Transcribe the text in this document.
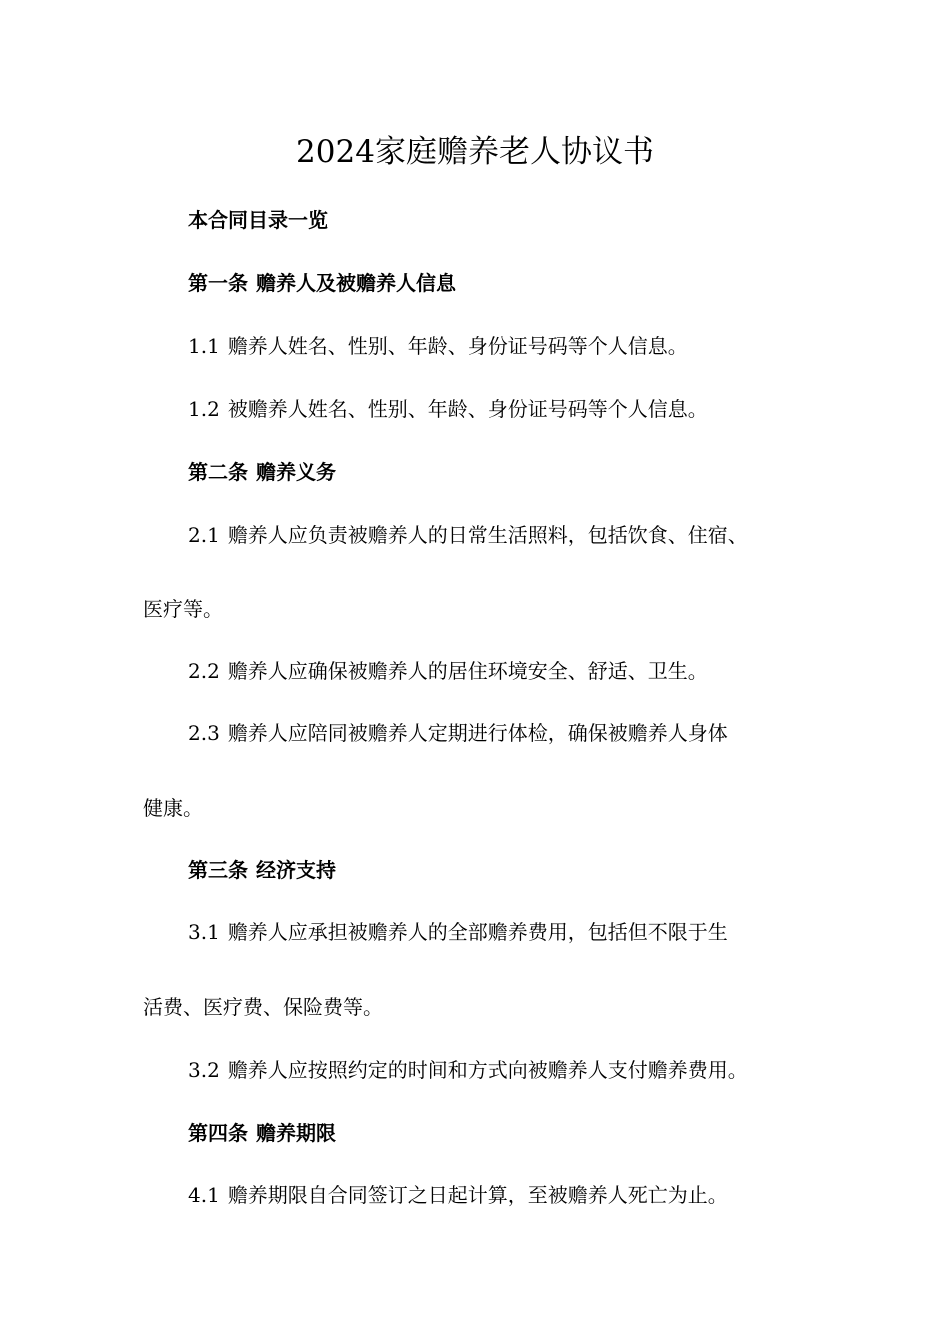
2024家庭赡养老人协议书

本合同目录一览

第一条 赡养人及被赡养人信息

1.1 赡养人姓名、性别、年龄、身份证号码等个人信息。

1.2 被赡养人姓名、性别、年龄、身份证号码等个人信息。

第二条 赡养义务

2.1 赡养人应负责被赡养人的日常生活照料，包括饮食、住宿、

医疗等。

2.2 赡养人应确保被赡养人的居住环境安全、舒适、卫生。

2.3 赡养人应陪同被赡养人定期进行体检，确保被赡养人身体

健康。

第三条 经济支持

3.1 赡养人应承担被赡养人的全部赡养费用，包括但不限于生

活费、医疗费、保险费等。

3.2 赡养人应按照约定的时间和方式向被赡养人支付赡养费用。

第四条 赡养期限

4.1 赡养期限自合同签订之日起计算，至被赡养人死亡为止。
